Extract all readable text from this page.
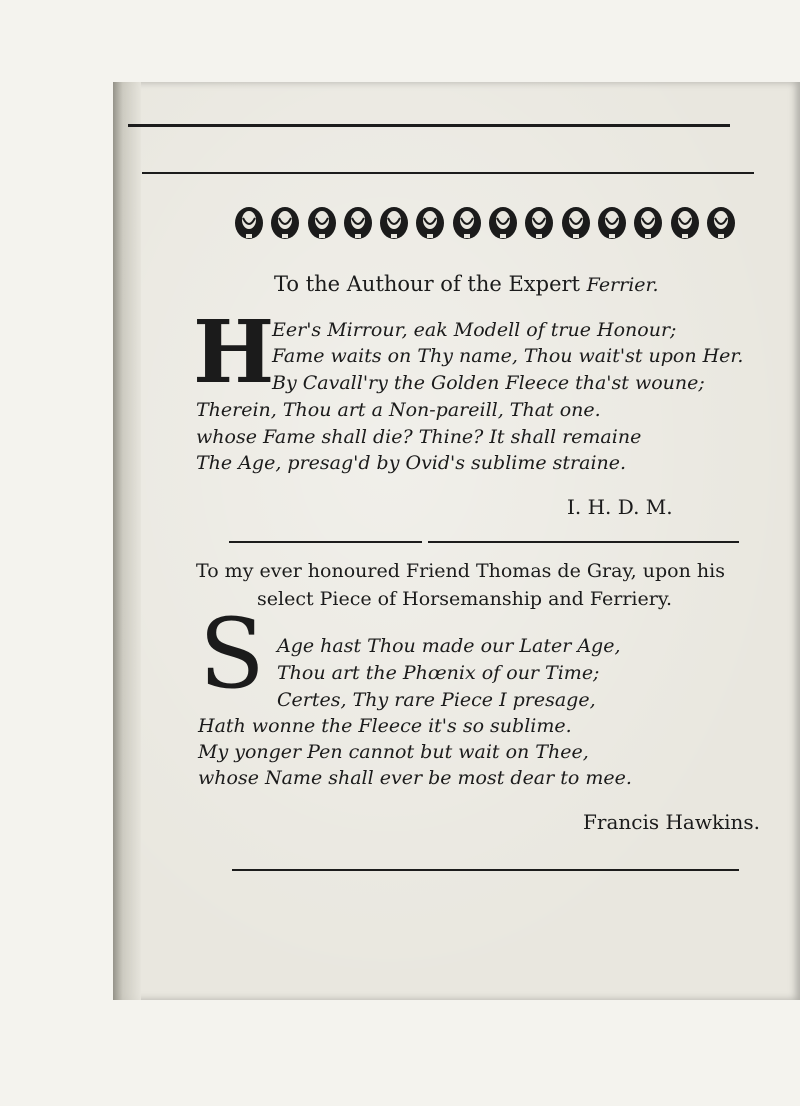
To the Authour of the Expert Ferrier.
H
Eer's Mirrour, eak Modell of true Honour;
Fame waits on Thy name, Thou wait'st upon Her.
By Cavall'ry the Golden Fleece tha'st woune;
Therein, Thou art a Non-pareill, That one.
whose Fame shall die? Thine? It shall remaine
The Age, presag'd by Ovid's sublime straine.
I. H. D. M.
To my ever honoured Friend Thomas de Gray, upon his
select Piece of Horsemanship and Ferriery.
S Age hast Thou made our Later Age,
Thou art the Phœnix of our Time;
Certes, Thy rare Piece I presage,
Hath wonne the Fleece it's so sublime.
My yonger Pen cannot but wait on Thee,
whose Name shall ever be most dear to mee.
Francis Hawkins.
